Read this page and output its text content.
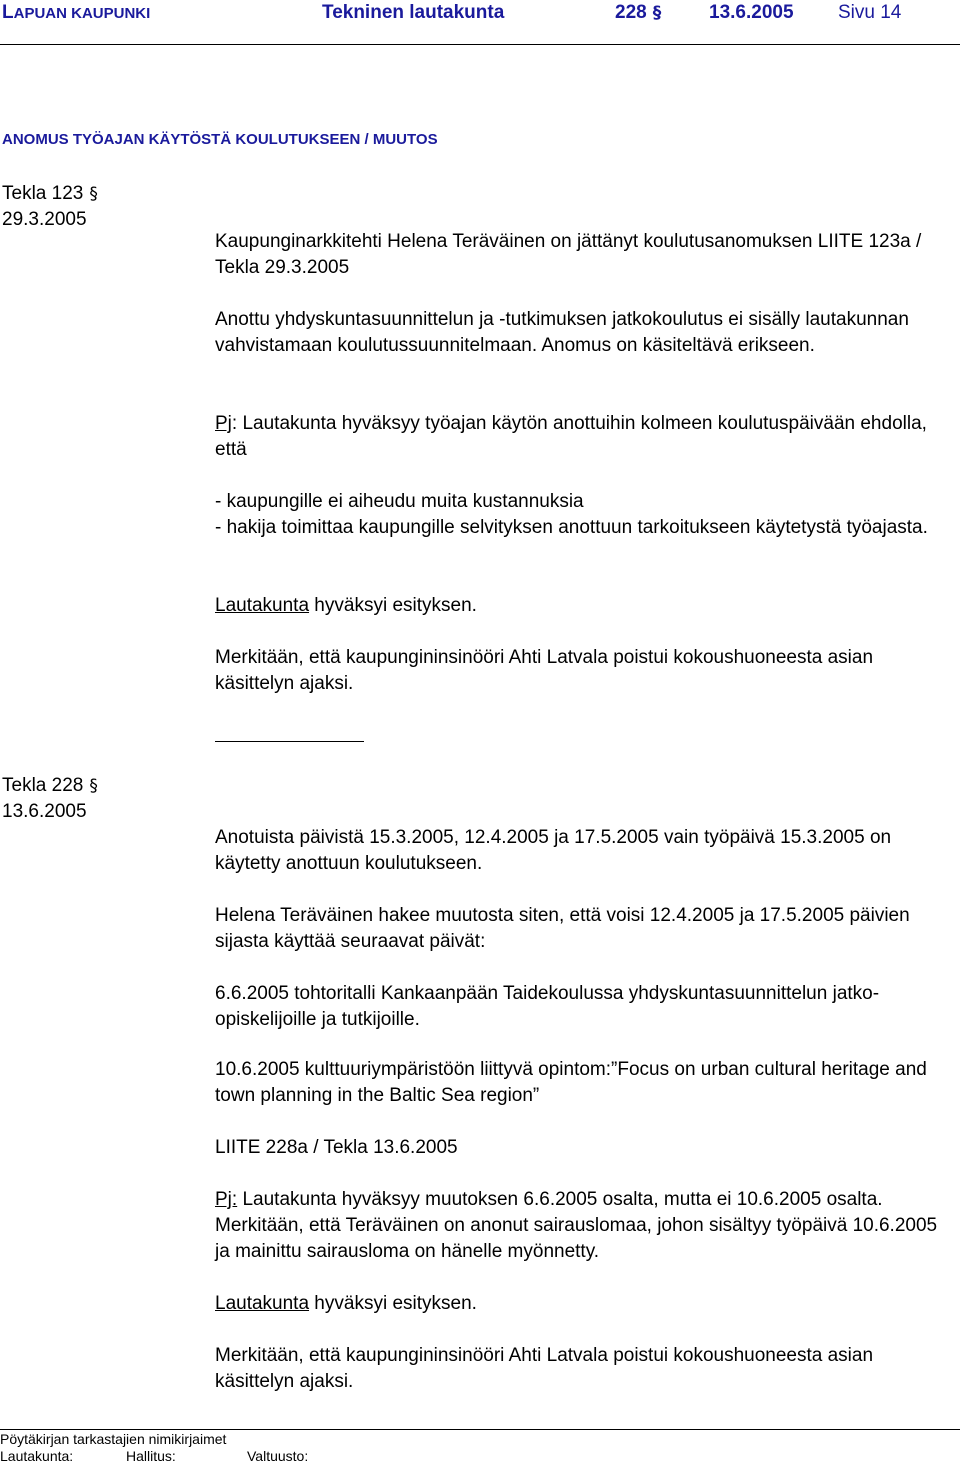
LAPUAN KAUPUNKI	Tekninen lautakunta	228 §	13.6.2005 Sivu 14
ANOMUS TYÖAJAN KÄYTÖSTÄ KOULUTUKSEEN / MUUTOS
Tekla 123 §
29.3.2005
Kaupunginarkkitehti Helena Teräväinen on jättänyt koulutusanomuksen LIITE 123a / Tekla 29.3.2005
Anottu yhdyskuntasuunnittelun ja -tutkimuksen jatkokoulutus ei sisälly lautakunnan vahvistamaan koulutussuunnitelmaan. Anomus on käsiteltävä erikseen.
Pj: Lautakunta hyväksyy työajan käytön anottuihin kolmeen koulutuspäivään ehdolla, että
- kaupungille ei aiheudu muita kustannuksia
- hakija toimittaa kaupungille selvityksen anottuun tarkoitukseen käytetystä työajasta.
Lautakunta hyväksyi esityksen.
Merkitään, että kaupungininsinööri Ahti Latvala poistui kokoushuoneesta asian käsittelyn ajaksi.
Tekla 228 §
13.6.2005
Anotuista päivistä 15.3.2005, 12.4.2005 ja 17.5.2005 vain työpäivä 15.3.2005 on käytetty anottuun koulutukseen.
Helena Teräväinen hakee muutosta siten, että voisi 12.4.2005 ja 17.5.2005 päivien sijasta käyttää seuraavat päivät:
6.6.2005 tohtoritalli Kankaanpään Taidekoulussa yhdyskuntasuunnittelun jatko-opiskelijoille ja tutkijoille.
10.6.2005 kulttuuriympäristöön liittyvä opintom:”Focus on urban cultural heritage and town planning in the Baltic Sea region”
LIITE 228a / Tekla 13.6.2005
Pj: Lautakunta hyväksyy muutoksen 6.6.2005 osalta, mutta ei 10.6.2005 osalta. Merkitään, että Teräväinen on anonut sairauslomaa, johon sisältyy työpäivä 10.6.2005 ja mainittu sairausloma on hänelle myönnetty.
Lautakunta hyväksyi esityksen.
Merkitään, että kaupungininsinööri Ahti Latvala poistui kokoushuoneesta asian käsittelyn ajaksi.
Pöytäkirjan tarkastajien nimikirjaimet
Lautakunta:	Hallitus:	Valtuusto:
